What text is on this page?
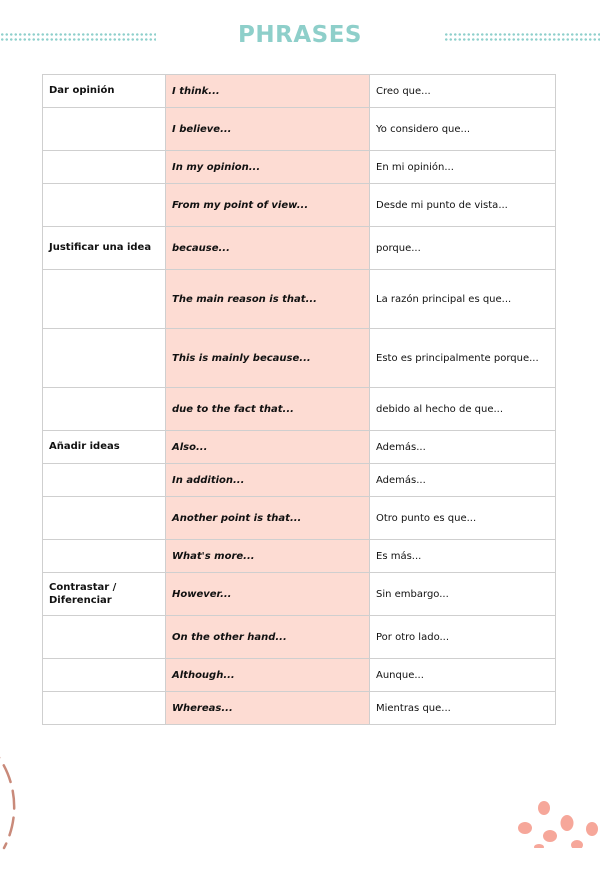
PHRASES
Dar opinión	I think...	Creo que...
	I believe...	Yo considero que...
	In my opinion...	En mi opinión...
	From my point of view...	Desde mi punto de vista...
Justificar una idea	because...	porque...
	The main reason is that...	La razón principal es que...
	This is mainly because...	Esto es principalmente porque...
	due to the fact that...	debido al hecho de que...
Añadir ideas	Also...	Además...
	In addition...	Además...
	Another point is that...	Otro punto es que...
	What's more...	Es más...
Contrastar / Diferenciar	However...	Sin embargo...
	On the other hand...	Por otro lado...
	Although...	Aunque...
	Whereas...	Mientras que...
